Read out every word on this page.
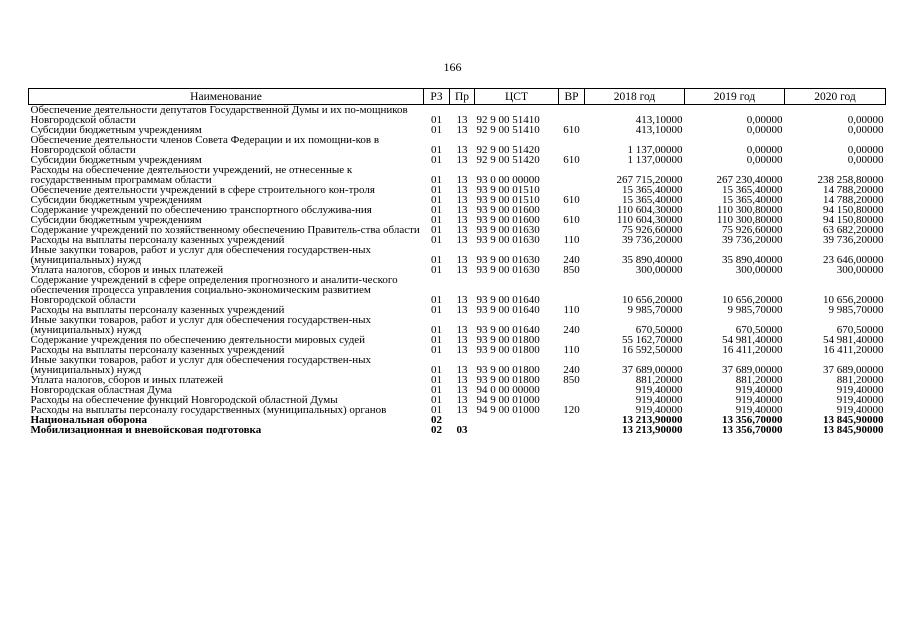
166
Наименование	РЗ	Пр	ЦСТ	ВР	2018 год	2019 год	2020 год
Обеспечение деятельности депутатов Государственной Думы и их по-мощников Новгородской области	01	13	92 9 00 51410		413,10000	0,00000	0,00000
Субсидии бюджетным учреждениям	01	13	92 9 00 51410	610	413,10000	0,00000	0,00000
Обеспечение деятельности членов Совета Федерации и их помощни-ков в Новгородской области	01	13	92 9 00 51420		1 137,00000	0,00000	0,00000
Субсидии бюджетным учреждениям	01	13	92 9 00 51420	610	1 137,00000	0,00000	0,00000
Расходы на обеспечение деятельности учреждений, не отнесенные к государственным программам области	01	13	93 0 00 00000		267 715,20000	267 230,40000	238 258,80000
Обеспечение деятельности учреждений в сфере строительного кон-троля	01	13	93 9 00 01510		15 365,40000	15 365,40000	14 788,20000
Субсидии бюджетным учреждениям	01	13	93 9 00 01510	610	15 365,40000	15 365,40000	14 788,20000
Содержание учреждений по обеспечению транспортного обслужива-ния	01	13	93 9 00 01600		110 604,30000	110 300,80000	94 150,80000
Субсидии бюджетным учреждениям	01	13	93 9 00 01600	610	110 604,30000	110 300,80000	94 150,80000
Содержание учреждений по хозяйственному обеспечению Правитель-ства области	01	13	93 9 00 01630		75 926,60000	75 926,60000	63 682,20000
Расходы на выплаты персоналу казенных учреждений	01	13	93 9 00 01630	110	39 736,20000	39 736,20000	39 736,20000
Иные закупки товаров, работ и услуг для обеспечения государствен-ных (муниципальных) нужд	01	13	93 9 00 01630	240	35 890,40000	35 890,40000	23 646,00000
Уплата налогов, сборов и иных платежей	01	13	93 9 00 01630	850	300,00000	300,00000	300,00000
Содержание учреждений в сфере определения прогнозного и аналити-ческого обеспечения процесса управления социально-экономическим развитием Новгородской области	01	13	93 9 00 01640		10 656,20000	10 656,20000	10 656,20000
Расходы на выплаты персоналу казенных учреждений	01	13	93 9 00 01640	110	9 985,70000	9 985,70000	9 985,70000
Иные закупки товаров, работ и услуг для обеспечения государствен-ных (муниципальных) нужд	01	13	93 9 00 01640	240	670,50000	670,50000	670,50000
Содержание учреждения по обеспечению деятельности мировых судей	01	13	93 9 00 01800		55 162,70000	54 981,40000	54 981,40000
Расходы на выплаты персоналу казенных учреждений	01	13	93 9 00 01800	110	16 592,50000	16 411,20000	16 411,20000
Иные закупки товаров, работ и услуг для обеспечения государствен-ных (муниципальных) нужд	01	13	93 9 00 01800	240	37 689,00000	37 689,00000	37 689,00000
Уплата налогов, сборов и иных платежей	01	13	93 9 00 01800	850	881,20000	881,20000	881,20000
Новгородская областная Дума	01	13	94 0 00 00000		919,40000	919,40000	919,40000
Расходы на обеспечение функций Новгородской областной Думы	01	13	94 9 00 01000		919,40000	919,40000	919,40000
Расходы на выплаты персоналу государственных (муниципальных) органов	01	13	94 9 00 01000	120	919,40000	919,40000	919,40000
Национальная оборона	02				13 213,90000	13 356,70000	13 845,90000
Мобилизационная и вневойсковая подготовка	02	03			13 213,90000	13 356,70000	13 845,90000
